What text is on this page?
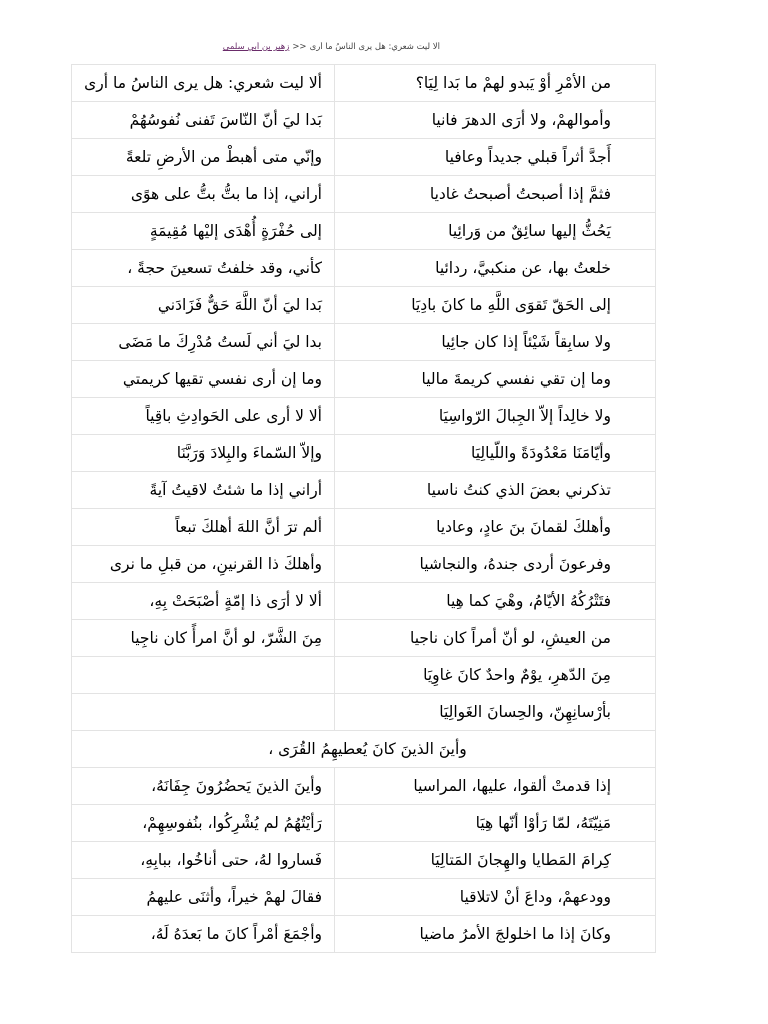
ألا ليت شعري: هل يرى الناسُ ما أرى<<زهير بن أبي سلمى
من الأمْرِ أوْ يَبدو لهمْ ما بَدا لِيَا؟	ألا ليت شعري: هل يرى الناسُ ما أرى
وأموالهمْ، ولا أرَى الدهرَ فانيا	بَدا ليَ أنّ النّاسَ تَفنى نُفوسُهُمْ
أَجدَّ أثراً قبلي جديداً وعافيا	وإنّي متى أهبطْ من الأرضِ تلعةً
فثمَّ إذا أصبحتُ أصبحتُ غاديا	أراني، إذا ما بتُّ بتُّ على هوًى
يَحُثُّ إليها سائِقٌ من وَرائِيا	إلى حُفْرَةٍ أُهْدَى إليْها مُقِيمَةٍ
خلعتُ بها، عن منكبيَّ، ردائيا	كأني، وقد خلفتُ تسعينَ حجةً ،
إلى الحَقّ تَقوَى اللَّهِ ما كانَ بادِيَا	بَدا ليَ أنّ اللَّهَ حَقٌّ فَزَادَني
ولا سابِقاً شَيْئاً إذا كان جائِيا	بدا ليَ أني لَستُ مُدْرِكَ ما مَضَى
وما إن تقي نفسي كريمةَ ماليا	وما إن أرى نفسي تقيها كريمتي
ولا خالِداً إلاّ الجِبالَ الرّواسِيَا	ألا لا أرى على الحَوادِثِ باقِياً
وأيّامَنَا مَعْدُودَةً واللّيالِيَا	وإلاّ السّماءَ والبِلادَ وَرَبَّنَا
تذكرني بعضَ الذي كنتُ ناسيا	أراني إذا ما شئتُ لاقيتُ آيةً
وأهلكَ لقمانَ بنَ عادٍ، وعاديا	ألم ترَ أنَّ اللهَ أهلكَ تبعاً
وفرعونَ أردى جندهُ، والنجاشيا	وأهلكَ ذا القرنينِ، من قبلِ ما نرى
فتَتْرُكُهُ الأيّامُ، وهْيَ كما هِيا	ألا لا أرَى ذا إمّةٍ أصْبَحَتْ بِهِ،
من العيشِ، لو أنّ أمراً كان ناجيا	مِنَ الشَّرّ، لو أنَّ امرأً كان ناجِيا
مِنَ الدّهرِ، يوْمٌ واحدٌ كانَ غاوِيَا	
بأرْسانِهِنّ، والحِسانَ الغَوالِيَا	
وأينَ الذينَ كانَ يُعطيهِمُ القُرَى ،	
إذا قدمتْ ألقوا، عليها، المراسيا	وأينَ الذينَ يَحضُرُونَ جِفَانَهُ،
مَنِيّتَهُ، لمّا رَأوْا أنّها هِيَا	رَأيْتُهُمُ لم يُشْرِكُوا، بنُفوسِهِمْ،
كِرامَ المَطايا والهِجانَ المَتالِيَا	فَساروا لهُ، حتى أناخُوا، ببابِهِ،
وودعهمْ، وداعَ أنْ لاتلاقيا	فقالَ لهمْ خيراً، وأثنَى عليهمُ
وكانَ إذا ما اخلولجَ الأمرُ ماضيا	وأجْمَعَ أمْراً كانَ ما بَعدَهُ لَهُ،
